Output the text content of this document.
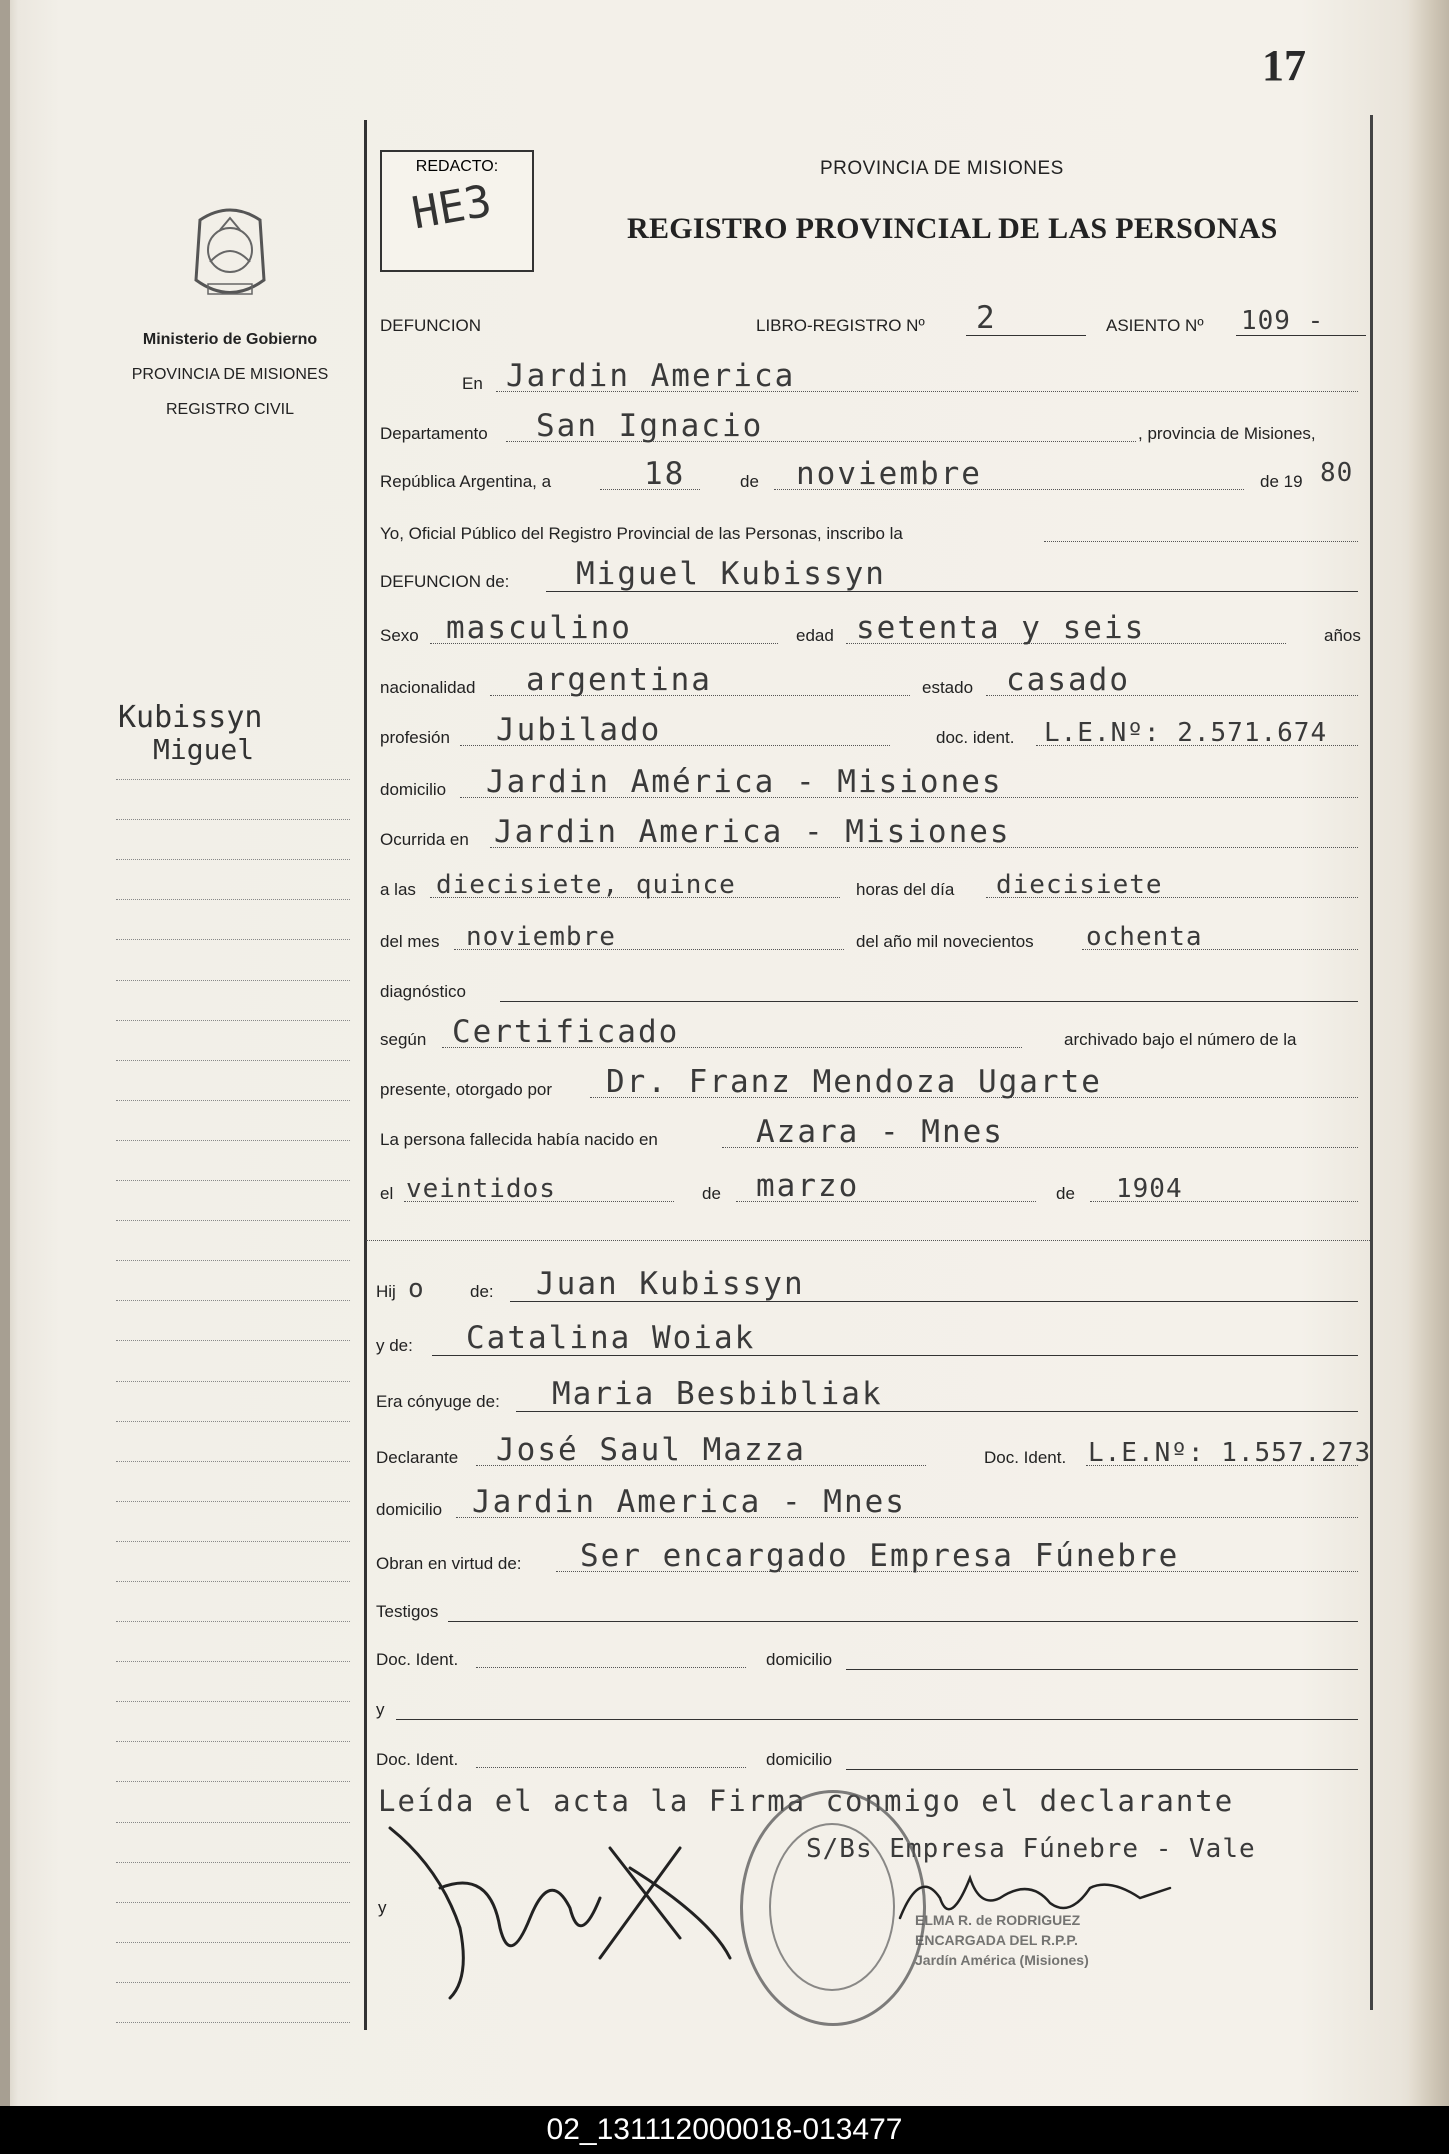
17
Ministerio de Gobierno
PROVINCIA DE MISIONES
REGISTRO CIVIL
Kubissyn
Miguel
REDACTO:
HE3
PROVINCIA DE MISIONES
REGISTRO PROVINCIAL DE LAS PERSONAS
DEFUNCION	LIBRO-REGISTRO Nº 2	ASIENTO Nº 109 -
En Jardin America
Departamento San Ignacio	, provincia de Misiones,
República Argentina, a	18	de noviembre	de 19 80
Yo, Oficial Público del Registro Provincial de las Personas, inscribo la
DEFUNCION de: Miguel Kubissyn
Sexo masculino	edad setenta y seis	años
nacionalidad argentina	estado casado
profesión Jubilado	doc. ident. L.E.Nº: 2.571.674
domicilio Jardin América - Misiones
Ocurrida en Jardin America - Misiones
a las diecisiete, quince	horas del día diecisiete
del mes noviembre	del año mil novecientos ochenta
diagnóstico
según Certificado	archivado bajo el número de la
presente, otorgado por Dr. Franz Mendoza Ugarte
La persona fallecida había nacido en	Azara - Mnes
el veintidos	de marzo	de 1904
Hij o	de: Juan Kubissyn
y de: Catalina Woiak
Era cónyuge de: Maria Besbibliak
Declarante José Saul Mazza	Doc. Ident. L.E.Nº: 1.557.273
domicilio Jardin America - Mnes
Obran en virtud de: Ser encargado Empresa Fúnebre
Testigos
Doc. Ident.	domicilio
y
Doc. Ident.	domicilio
Leída el acta la Firma conmigo el declarante
S/Bs Empresa Fúnebre - Vale
y
ELMA R. de RODRIGUEZ
ENCARGADA DEL R.P.P.
Jardín América (Misiones)
02_131112000018-013477
